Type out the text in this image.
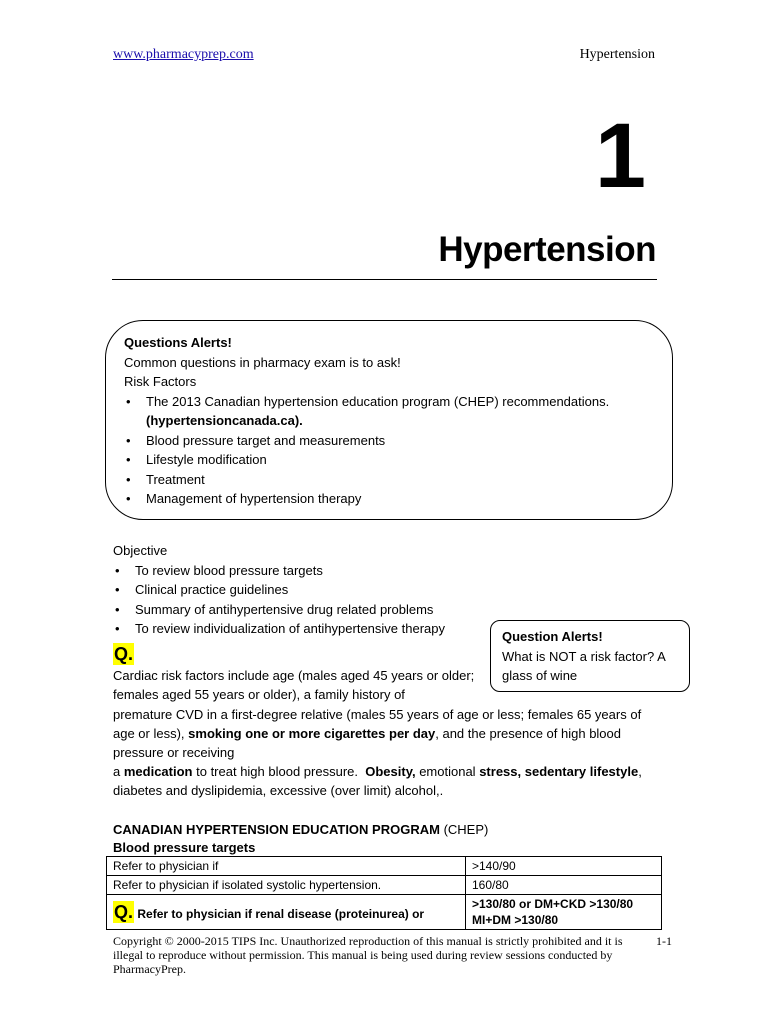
www.pharmacyprep.com	Hypertension
1
Hypertension
Questions Alerts!
Common questions in pharmacy exam is to ask!
Risk Factors
• The 2013 Canadian hypertension education program (CHEP) recommendations. (hypertensioncanada.ca).
• Blood pressure target and measurements
• Lifestyle modification
• Treatment
• Management of hypertension therapy
Objective
• To review blood pressure targets
• Clinical practice guidelines
• Summary of antihypertensive drug related problems
• To review individualization of antihypertensive therapy
Question Alerts!
What is NOT a risk factor? A glass of wine
Q.
Cardiac risk factors include age (males aged 45 years or older; females aged 55 years or older), a family history of
premature CVD in a first-degree relative (males 55 years of age or less; females 65 years of age or less), smoking one or more cigarettes per day, and the presence of high blood pressure or receiving
a medication to treat high blood pressure. Obesity, emotional stress, sedentary lifestyle, diabetes and dyslipidemia, excessive (over limit) alcohol,.
CANADIAN HYPERTENSION EDUCATION PROGRAM (CHEP)
Blood pressure targets
Refer to physician if	>140/90
Refer to physician if isolated systolic hypertension.	160/80
Q. Refer to physician if renal disease (proteinurea) or	>130/80 or DM+CKD >130/80
MI+DM >130/80
Copyright © 2000-2015 TIPS Inc. Unauthorized reproduction of this manual is strictly prohibited and it is illegal to reproduce without permission. This manual is being used during review sessions conducted by PharmacyPrep.
1-1
